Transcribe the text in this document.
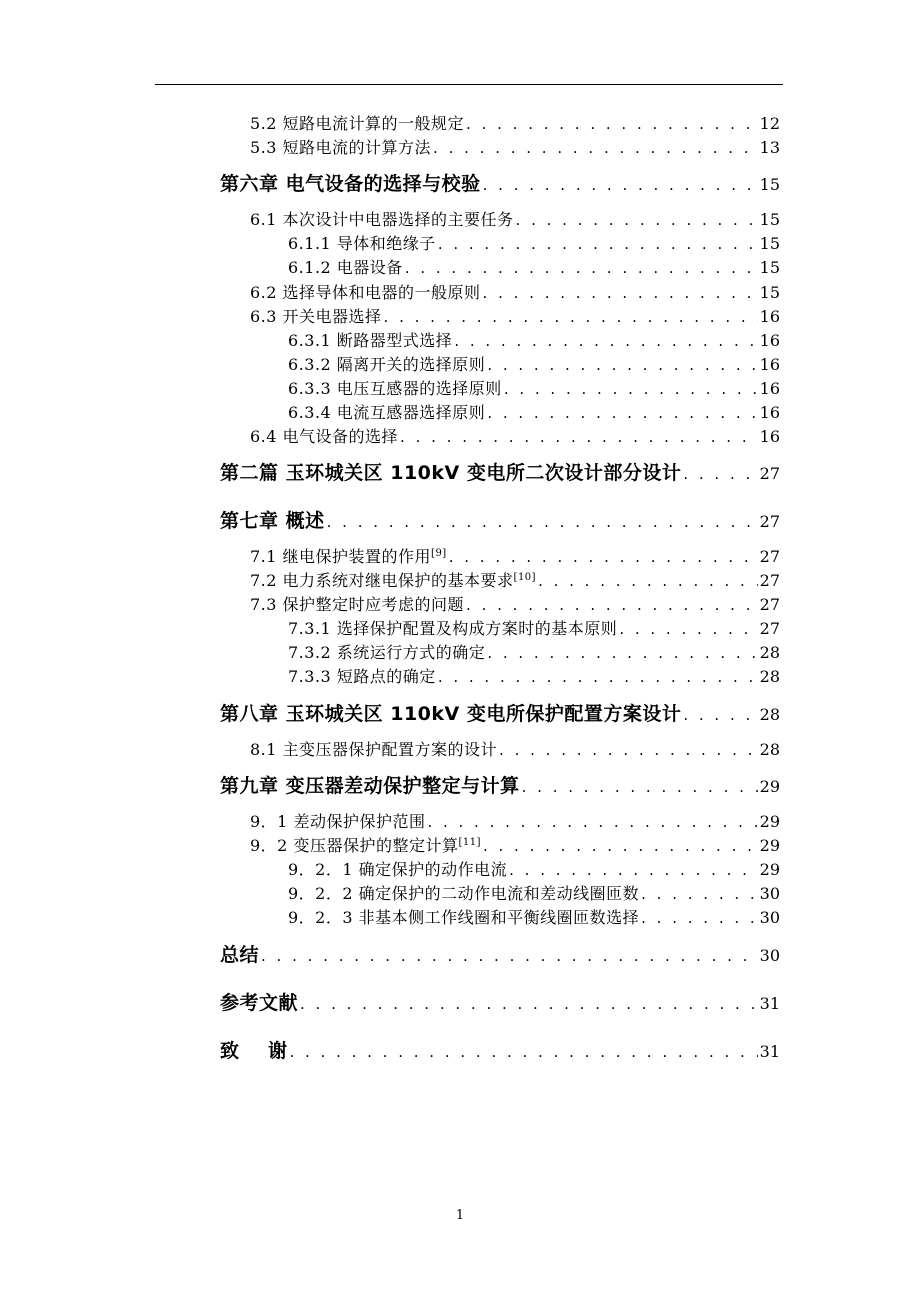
5.2 短路电流计算的一般规定 . . .	12
5.3 短路电流的计算方法 . . .	13
第六章 电气设备的选择与校验 . . .	15
6.1 本次设计中电器选择的主要任务 . . .	15
6.1.1 导体和绝缘子 . . .	15
6.1.2 电器设备 . . .	15
6.2 选择导体和电器的一般原则 . . .	15
6.3 开关电器选择 . . .	16
6.3.1 断路器型式选择 . . .	16
6.3.2 隔离开关的选择原则 . . .	16
6.3.3 电压互感器的选择原则 . . .	16
6.3.4 电流互感器选择原则 . . .	16
6.4 电气设备的选择 . . .	16
第二篇 玉环城关区 110kV 变电所二次设计部分设计 . . .	27
第七章 概述 . . .	27
7.1 继电保护装置的作用[9] . . .	27
7.2 电力系统对继电保护的基本要求[10] . . .	27
7.3 保护整定时应考虑的问题 . . .	27
7.3.1 选择保护配置及构成方案时的基本原则 . . .	27
7.3.2 系统运行方式的确定 . . .	28
7.3.3 短路点的确定 . . .	28
第八章 玉环城关区 110kV 变电所保护配置方案设计 . . .	28
8.1 主变压器保护配置方案的设计 . . .	28
第九章 变压器差动保护整定与计算 . . .	29
9．1 差动保护保护范围 . . .	29
9．2 变压器保护的整定计算[11] . . .	29
9．2．1 确定保护的动作电流 . . .	29
9．2．2 确定保护的二动作电流和差动线圈匝数 . . .	30
9．2．3 非基本侧工作线圈和平衡线圈匝数选择 . . .	30
总结 . . .	30
参考文献 . . .	31
致    谢 . . .	31
1
